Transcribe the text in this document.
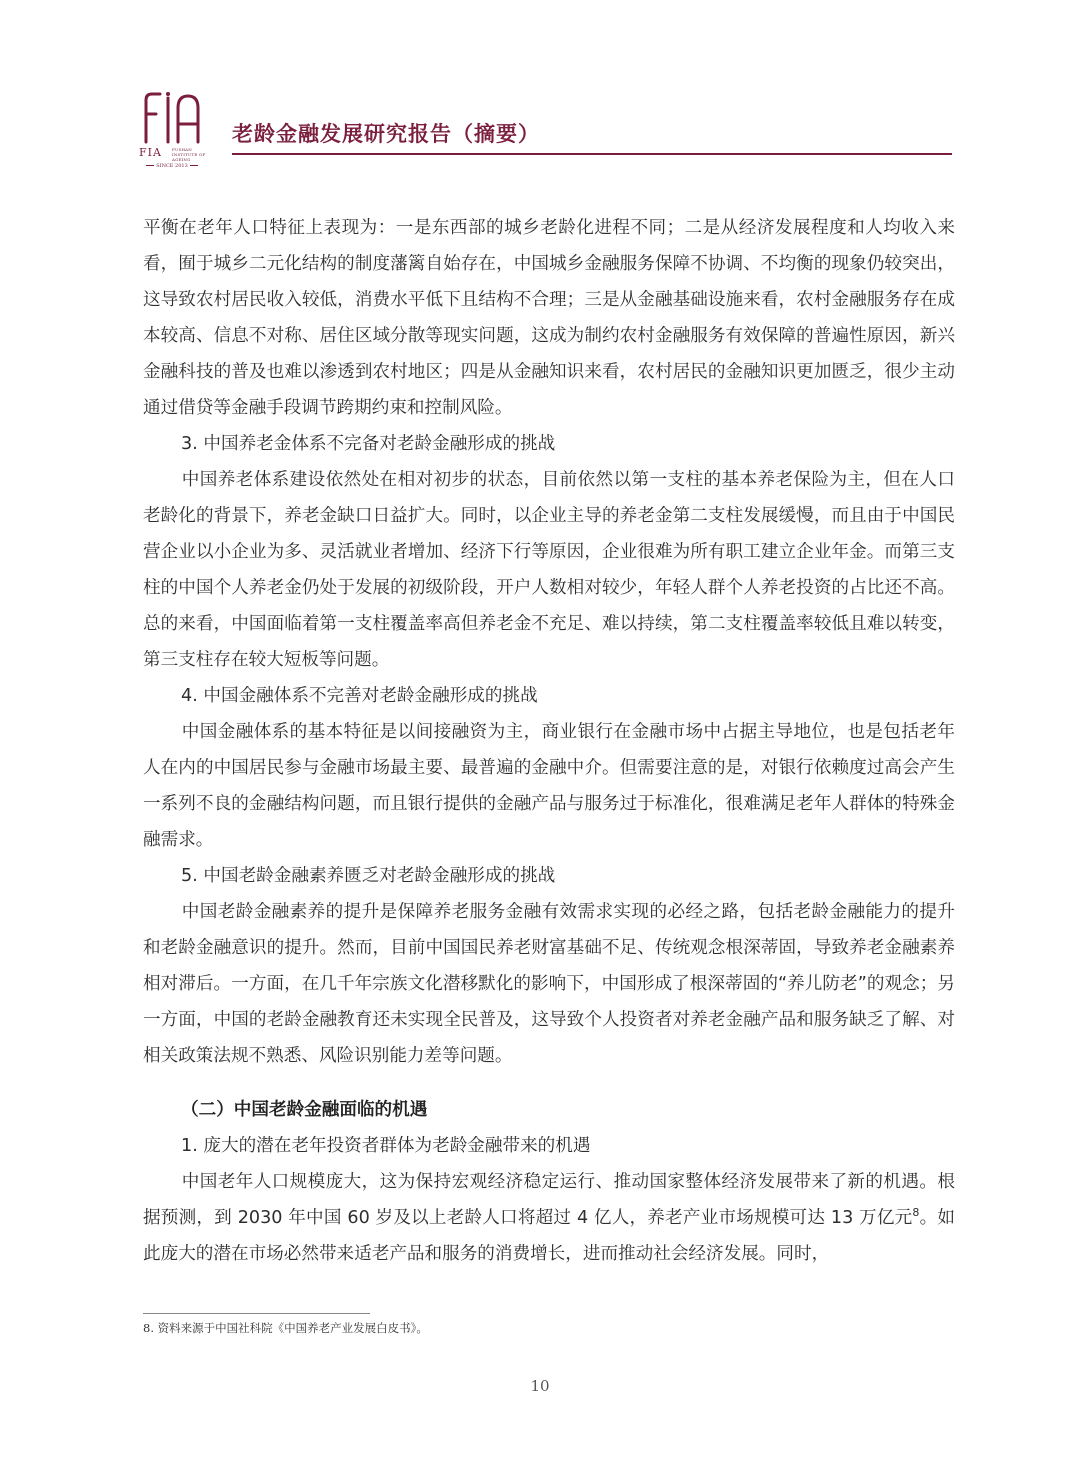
FIA	FUSHAN INSTITUTE OF AGEING
SINCE 2013
老龄金融发展研究报告（摘要）

平衡在老年人口特征上表现为：一是东西部的城乡老龄化进程不同；二是从经济发展程度和人均收入来看，囿于城乡二元化结构的制度藩篱自始存在，中国城乡金融服务保障不协调、不均衡的现象仍较突出，这导致农村居民收入较低，消费水平低下且结构不合理；三是从金融基础设施来看，农村金融服务存在成本较高、信息不对称、居住区域分散等现实问题，这成为制约农村金融服务有效保障的普遍性原因，新兴金融科技的普及也难以渗透到农村地区；四是从金融知识来看，农村居民的金融知识更加匮乏，很少主动通过借贷等金融手段调节跨期约束和控制风险。

3. 中国养老金体系不完备对老龄金融形成的挑战

中国养老体系建设依然处在相对初步的状态，目前依然以第一支柱的基本养老保险为主，但在人口老龄化的背景下，养老金缺口日益扩大。同时，以企业主导的养老金第二支柱发展缓慢，而且由于中国民营企业以小企业为多、灵活就业者增加、经济下行等原因，企业很难为所有职工建立企业年金。而第三支柱的中国个人养老金仍处于发展的初级阶段，开户人数相对较少，年轻人群个人养老投资的占比还不高。总的来看，中国面临着第一支柱覆盖率高但养老金不充足、难以持续，第二支柱覆盖率较低且难以转变，第三支柱存在较大短板等问题。

4. 中国金融体系不完善对老龄金融形成的挑战

中国金融体系的基本特征是以间接融资为主，商业银行在金融市场中占据主导地位，也是包括老年人在内的中国居民参与金融市场最主要、最普遍的金融中介。但需要注意的是，对银行依赖度过高会产生一系列不良的金融结构问题，而且银行提供的金融产品与服务过于标准化，很难满足老年人群体的特殊金融需求。

5. 中国老龄金融素养匮乏对老龄金融形成的挑战

中国老龄金融素养的提升是保障养老服务金融有效需求实现的必经之路，包括老龄金融能力的提升和老龄金融意识的提升。然而，目前中国国民养老财富基础不足、传统观念根深蒂固，导致养老金融素养相对滞后。一方面，在几千年宗族文化潜移默化的影响下，中国形成了根深蒂固的“养儿防老”的观念；另一方面，中国的老龄金融教育还未实现全民普及，这导致个人投资者对养老金融产品和服务缺乏了解、对相关政策法规不熟悉、风险识别能力差等问题。

（二）中国老龄金融面临的机遇

1. 庞大的潜在老年投资者群体为老龄金融带来的机遇

中国老年人口规模庞大，这为保持宏观经济稳定运行、推动国家整体经济发展带来了新的机遇。根据预测，到 2030 年中国 60 岁及以上老龄人口将超过 4 亿人，养老产业市场规模可达 13 万亿元$^8$。如此庞大的潜在市场必然带来适老产品和服务的消费增长，进而推动社会经济发展。同时，

8. 资料来源于中国社科院《中国养老产业发展白皮书》。
10
